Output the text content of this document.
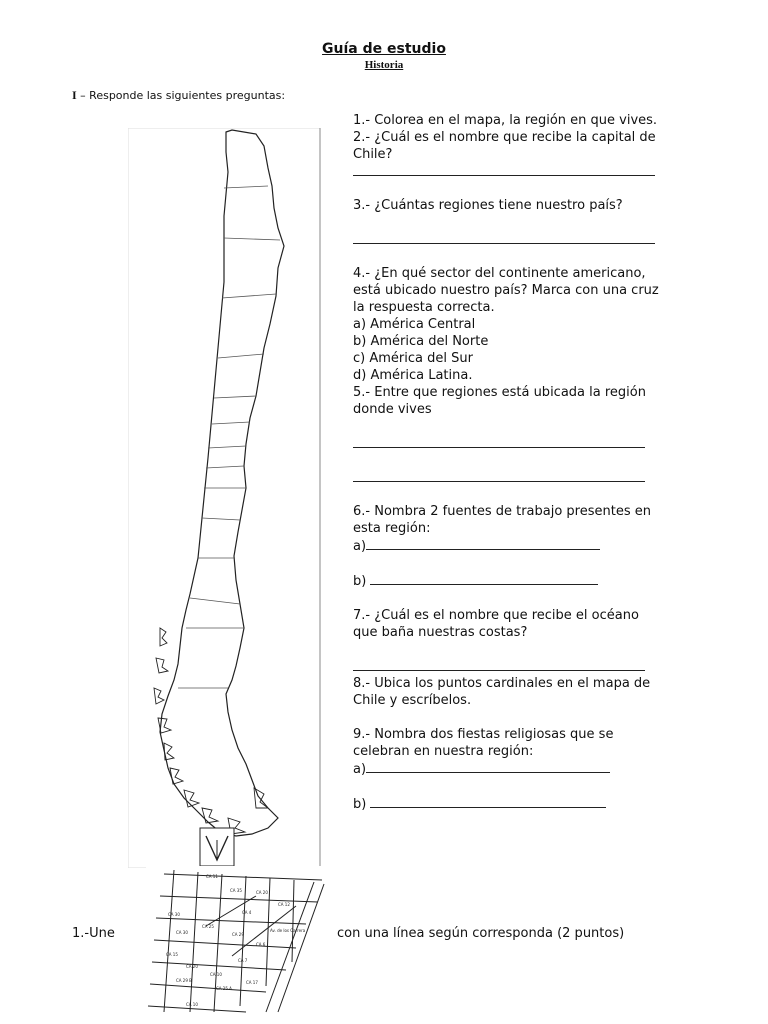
Guía de estudio
Historia
I – Responde las siguientes preguntas:
1.- Colorea en el mapa, la región en que vives.
2.- ¿Cuál es el nombre que recibe la capital de
Chile?
3.- ¿Cuántas regiones tiene nuestro país?
4.- ¿En qué sector del continente americano,
está ubicado nuestro país? Marca con una cruz
la respuesta correcta.
a) América Central
b) América del Norte
c) América del Sur
d) América Latina.
5.- Entre que regiones está ubicada la región
donde vives
6.- Nombra 2 fuentes de trabajo presentes en
esta región:
a)
b)
7.- ¿Cuál es el nombre que recibe el océano
que baña nuestras costas?
8.- Ubica los puntos cardinales en el mapa de
Chile y escríbelos.
9.- Nombra dos fiestas religiosas que se
celebran en nuestra región:
a)
b)
CA 11
CA 30
CA 35	CA 20
CA 12
CA 4
CA 30
CA 25
CA 29
CA 6
Av. de los Carrera
CA 15
CA 20
CA 10
CA 7
CA 25 A
CA 17
CA 29 B
CA 10
1.-Une	con una línea según corresponda (2 puntos)
